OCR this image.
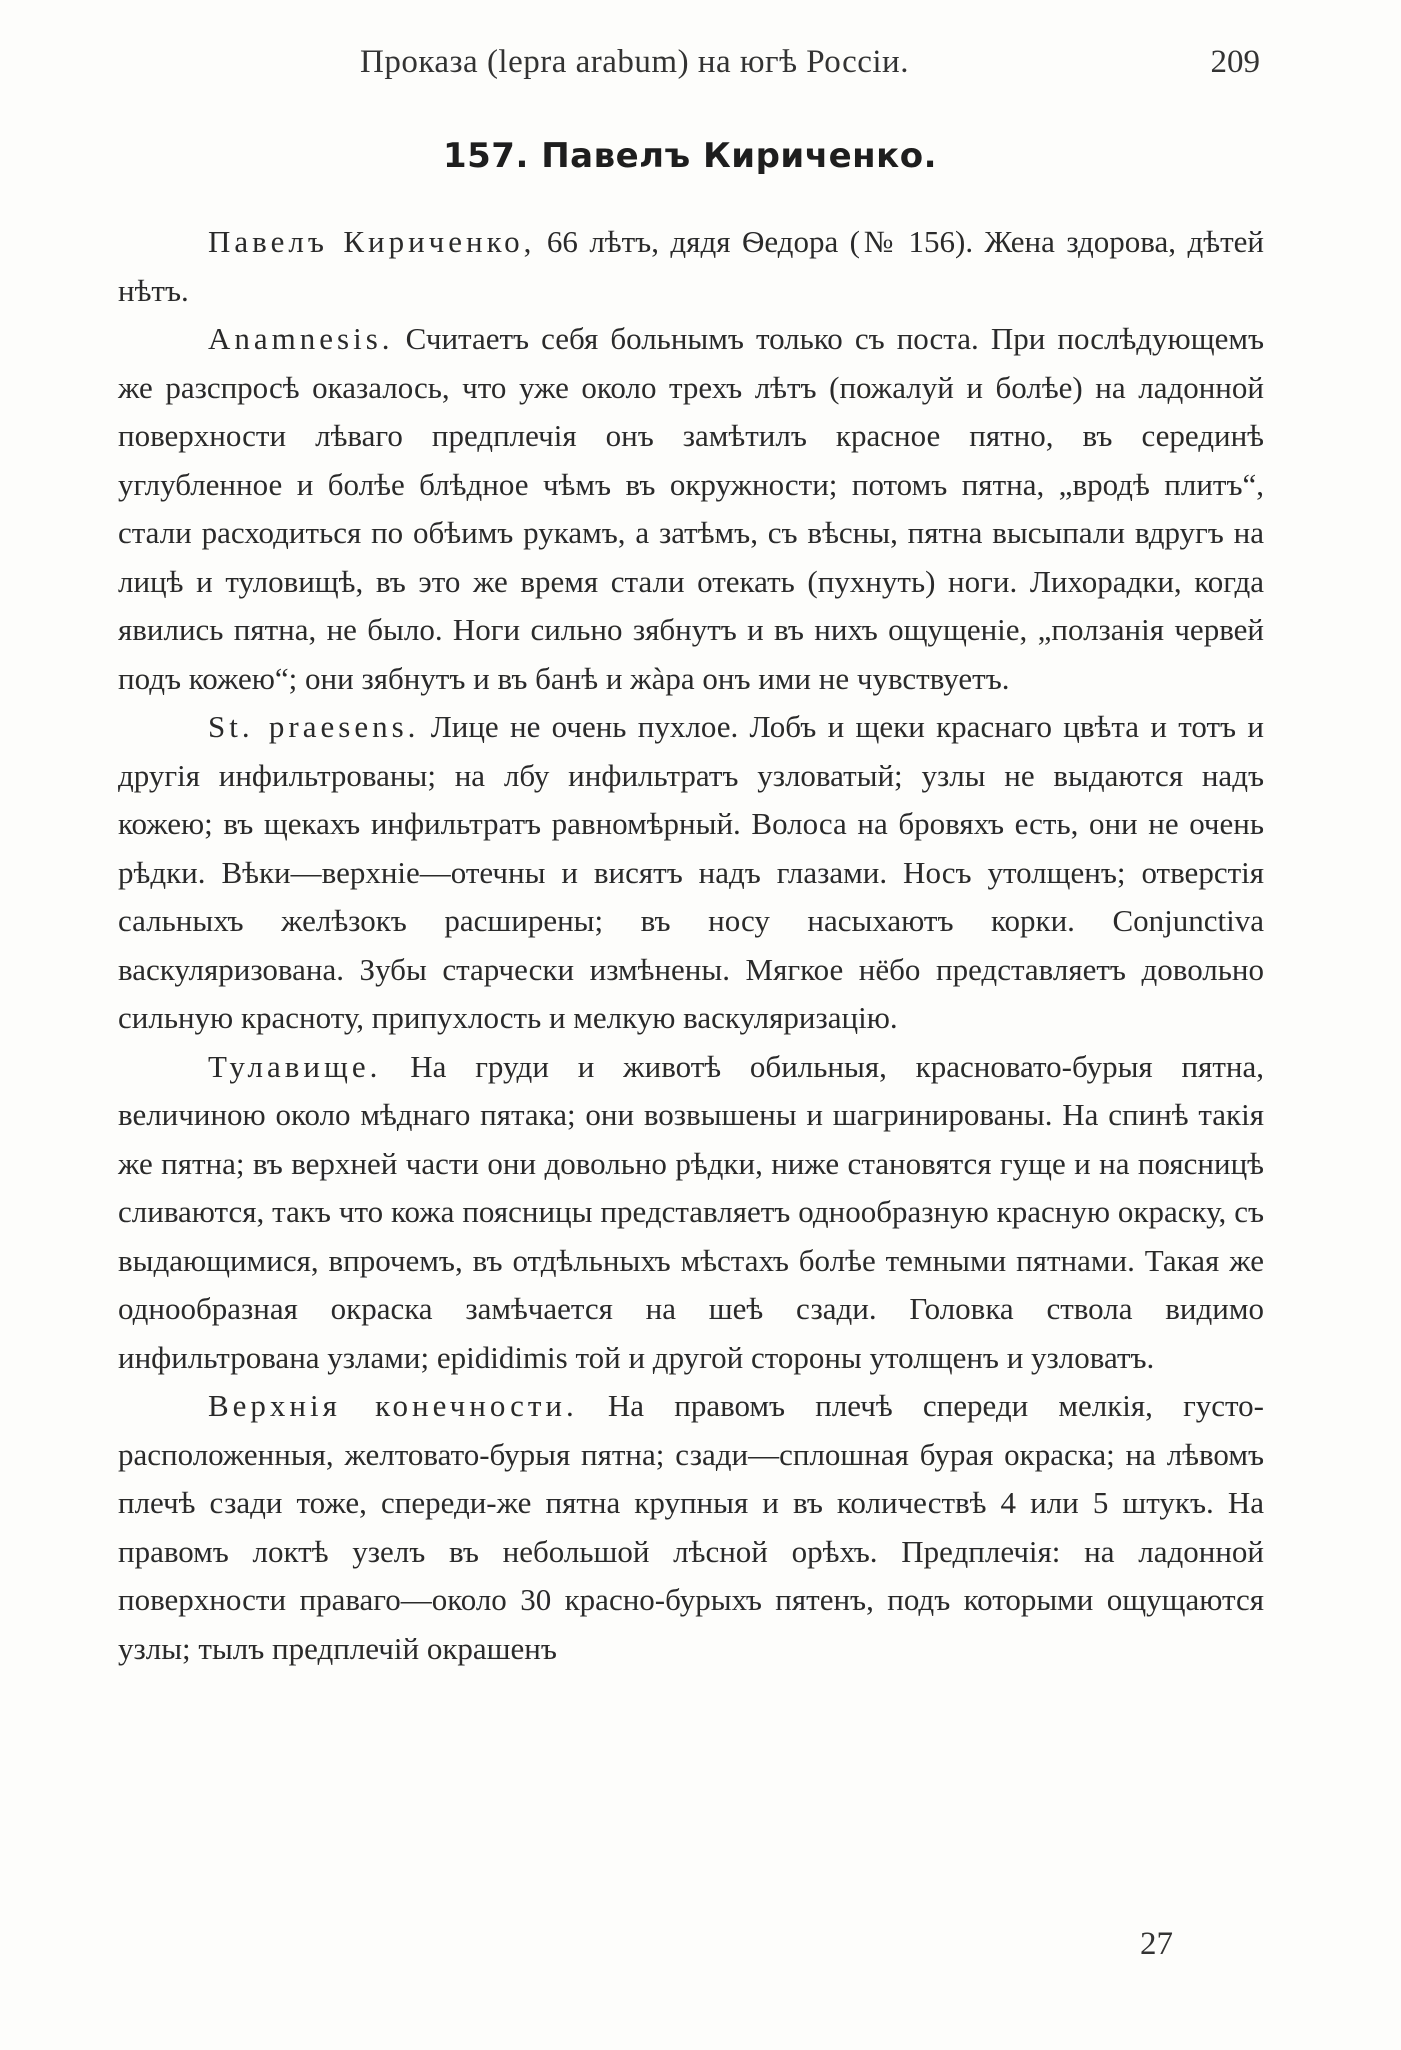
Проказа (lepra arabum) на югѣ Россіи.	209
157. Павелъ Кириченко.

Павелъ Кириченко, 66 лѣтъ, дядя Ѳедора (№ 156). Жена здорова, дѣтей нѣтъ.

Anamnesis. Считаетъ себя больнымъ только съ поста. При послѣдующемъ же разспросѣ оказалось, что уже около трехъ лѣтъ (пожалуй и болѣе) на ладонной поверхности лѣваго предплечія онъ замѣтилъ красное пятно, въ серединѣ углубленное и болѣе блѣдное чѣмъ въ окружности; потомъ пятна, „вродѣ плитъ“, стали расходиться по обѣимъ рукамъ, а затѣмъ, съ вѣсны, пятна высыпали вдругъ на лицѣ и туловищѣ, въ это же время стали отекать (пухнуть) ноги. Лихорадки, когда явились пятна, не было. Ноги сильно зябнутъ и въ нихъ ощущеніе, „ползанія червей подъ кожею“; они зябнутъ и въ банѣ и жàра онъ ими не чувствуетъ.

St. praesens. Лице не очень пухлое. Лобъ и щеки краснаго цвѣта и тотъ и другія инфильтрованы; на лбу инфильтратъ узловатый; узлы не выдаются надъ кожею; въ щекахъ инфильтратъ равномѣрный. Волоса на бровяхъ есть, они не очень рѣдки. Вѣки—верхніе—отечны и висятъ надъ глазами. Носъ утолщенъ; отверстія сальныхъ желѣзокъ расширены; въ носу насыхаютъ корки. Conjunctiva васкуляризована. Зубы старчески измѣнены. Мягкое нёбо представляетъ довольно сильную красноту, припухлость и мелкую васкуляризацію.

Тулавище. На груди и животѣ обильныя, красновато-бурыя пятна, величиною около мѣднаго пятака; они возвышены и шагринированы. На спинѣ такія же пятна; въ верхней части они довольно рѣдки, ниже становятся гуще и на поясницѣ сливаются, такъ что кожа поясницы представляетъ однообразную красную окраску, съ выдающимися, впрочемъ, въ отдѣльныхъ мѣстахъ болѣе темными пятнами. Такая же однообразная окраска замѣчается на шеѣ сзади. Головка ствола видимо инфильтрована узлами; epididimis той и другой стороны утолщенъ и узловатъ.

Верхнія конечности. На правомъ плечѣ спереди мелкія, густо-расположенныя, желтовато-бурыя пятна; сзади—сплошная бурая окраска; на лѣвомъ плечѣ сзади тоже, спереди-же пятна крупныя и въ количествѣ 4 или 5 штукъ. На правомъ локтѣ узелъ въ небольшой лѣсной орѣхъ. Предплечія: на ладонной поверхности праваго—около 30 красно-бурыхъ пятенъ, подъ которыми ощущаются узлы; тылъ предплечій окрашенъ

27
